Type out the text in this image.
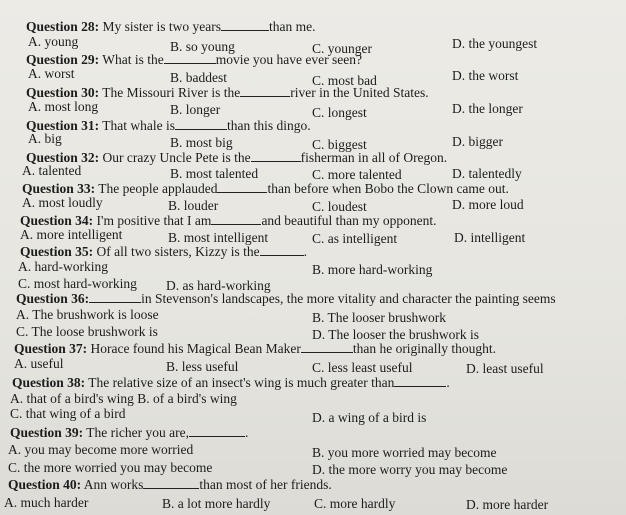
Question 28: My sister is two years	than me.
A. young	B. so young	C. younger	D. the youngest
Question 29: What is the	movie you have ever seen?
A. worst	B. baddest	C. most bad	D. the worst
Question 30: The Missouri River is the	river in the United States.
A. most long	B. longer	C. longest	D. the longer
Question 31: That whale is	than this dingo.
A. big	B. most big	C. biggest	D. bigger
Question 32: Our crazy Uncle Pete is the	fisherman in all of Oregon.
A. talented	B. most talented	C. more talented	D. talentedly
Question 33: The people applauded	than before when Bobo the Clown came out.
A. most loudly	B. louder	C. loudest	D. more loud
Question 34: I'm positive that I am	and beautiful than my opponent.
A. more intelligent	B. most intelligent	C. as intelligent	D. intelligent
Question 35: Of all two sisters, Kizzy is the	.
A. hard-working	B. more hard-working
C. most hard-working D. as hard-working
Question 36:	in Stevenson's landscapes, the more vitality and character the painting seems
A. The brushwork is loose	B. The looser brushwork
C. The loose brushwork is	D. The looser the brushwork is
Question 37: Horace found his Magical Bean Maker	than he originally thought.
A. useful	B. less useful	C. less least useful	D. least useful
Question 38: The relative size of an insect's wing is much greater than	.
A. that of a bird's wing B. of a bird's wing
C. that wing of a bird	D. a wing of a bird is
Question 39: The richer you are,	.
A. you may become more worried	B. you more worried may become
C. the more worried you may become	D. the more worry you may become
Question 40: Ann works	than most of her friends.
A. much harder	B. a lot more hardly	C. more hardly	D. more harder
